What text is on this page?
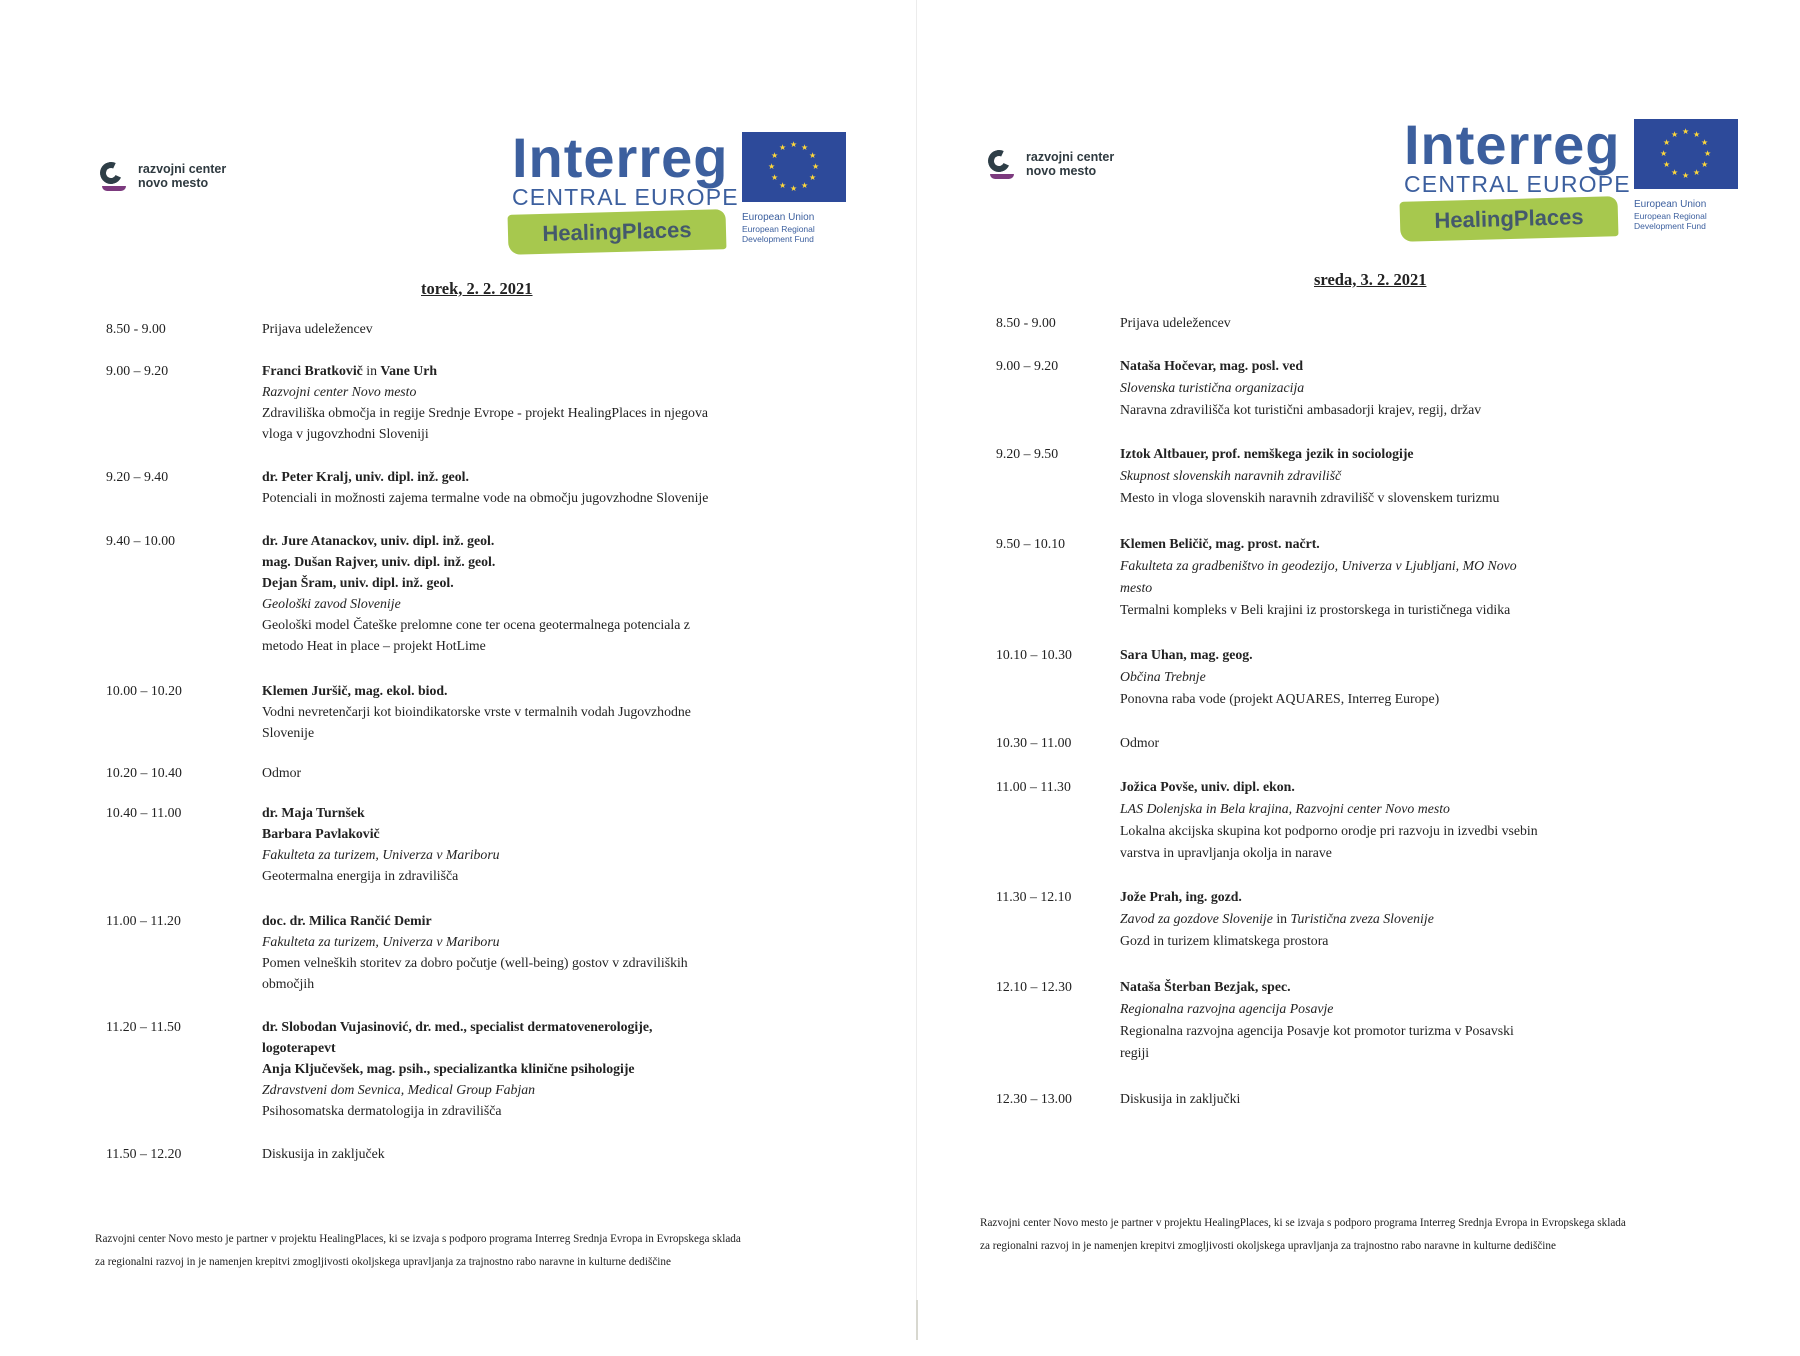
razvojni center
novo mesto	Interreg
CENTRAL EUROPE
★ ★
★
★
★
★
★
★
★
★
★
★
HealingPlaces	European Union
European Regional
Development Fund
torek, 2. 2. 2021
8.50 - 9.00	Prijava udeležencev
9.00 – 9.20	Franci Bratkovič in Vane Urh
Razvojni center Novo mesto
Zdraviliška območja in regije Srednje Evrope - projekt HealingPlaces in njegova
vloga v jugovzhodni Sloveniji
9.20 – 9.40	dr. Peter Kralj, univ. dipl. inž. geol.
Potenciali in možnosti zajema termalne vode na območju jugovzhodne Slovenije
9.40 – 10.00	dr. Jure Atanackov, univ. dipl. inž. geol.
mag. Dušan Rajver, univ. dipl. inž. geol.
Dejan Šram, univ. dipl. inž. geol.
Geološki zavod Slovenije
Geološki model Čateške prelomne cone ter ocena geotermalnega potenciala z
metodo Heat in place – projekt HotLime
10.00 – 10.20	Klemen Juršič, mag. ekol. biod.
Vodni nevretenčarji kot bioindikatorske vrste v termalnih vodah Jugovzhodne
Slovenije
10.20 – 10.40	Odmor
10.40 – 11.00	dr. Maja Turnšek
Barbara Pavlakovič
Fakulteta za turizem, Univerza v Mariboru
Geotermalna energija in zdravilišča
11.00 – 11.20	doc. dr. Milica Rančić Demir
Fakulteta za turizem, Univerza v Mariboru
Pomen velneških storitev za dobro počutje (well-being) gostov v zdraviliških
območjih
11.20 – 11.50	dr. Slobodan Vujasinović, dr. med., specialist dermatovenerologije,
logoterapevt
Anja Ključevšek, mag. psih., specializantka klinične psihologije
Zdravstveni dom Sevnica, Medical Group Fabjan
Psihosomatska dermatologija in zdravilišča
11.50 – 12.20	Diskusija in zaključek
Razvojni center Novo mesto je partner v projektu HealingPlaces, ki se izvaja s podporo programa Interreg Srednja Evropa in Evropskega sklada
za regionalni razvoj in je namenjen krepitvi zmogljivosti okoljskega upravljanja za trajnostno rabo naravne in kulturne dediščine
razvojni center
novo mesto	Interreg
CENTRAL EUROPE
★ ★
★
★
★
★
★
★
★
★
★
★
HealingPlaces	European Union
European Regional
Development Fund
sreda, 3. 2. 2021
8.50 - 9.00	Prijava udeležencev
9.00 – 9.20	Nataša Hočevar, mag. posl. ved
Slovenska turistična organizacija
Naravna zdravilišča kot turistični ambasadorji krajev, regij, držav
9.20 – 9.50	Iztok Altbauer, prof. nemškega jezik in sociologije
Skupnost slovenskih naravnih zdravilišč
Mesto in vloga slovenskih naravnih zdravilišč v slovenskem turizmu
9.50 – 10.10	Klemen Beličič, mag. prost. načrt.
Fakulteta za gradbeništvo in geodezijo, Univerza v Ljubljani, MO Novo
mesto
Termalni kompleks v Beli krajini iz prostorskega in turističnega vidika
10.10 – 10.30	Sara Uhan, mag. geog.
Občina Trebnje
Ponovna raba vode (projekt AQUARES, Interreg Europe)
10.30 – 11.00	Odmor
11.00 – 11.30	Jožica Povše, univ. dipl. ekon.
LAS Dolenjska in Bela krajina, Razvojni center Novo mesto
Lokalna akcijska skupina kot podporno orodje pri razvoju in izvedbi vsebin
varstva in upravljanja okolja in narave
11.30 – 12.10	Jože Prah, ing. gozd.
Zavod za gozdove Slovenije in Turistična zveza Slovenije
Gozd in turizem klimatskega prostora
12.10 – 12.30	Nataša Šterban Bezjak, spec.
Regionalna razvojna agencija Posavje
Regionalna razvojna agencija Posavje kot promotor turizma v Posavski
regiji
12.30 – 13.00	Diskusija in zaključki
Razvojni center Novo mesto je partner v projektu HealingPlaces, ki se izvaja s podporo programa Interreg Srednja Evropa in Evropskega sklada
za regionalni razvoj in je namenjen krepitvi zmogljivosti okoljskega upravljanja za trajnostno rabo naravne in kulturne dediščine
